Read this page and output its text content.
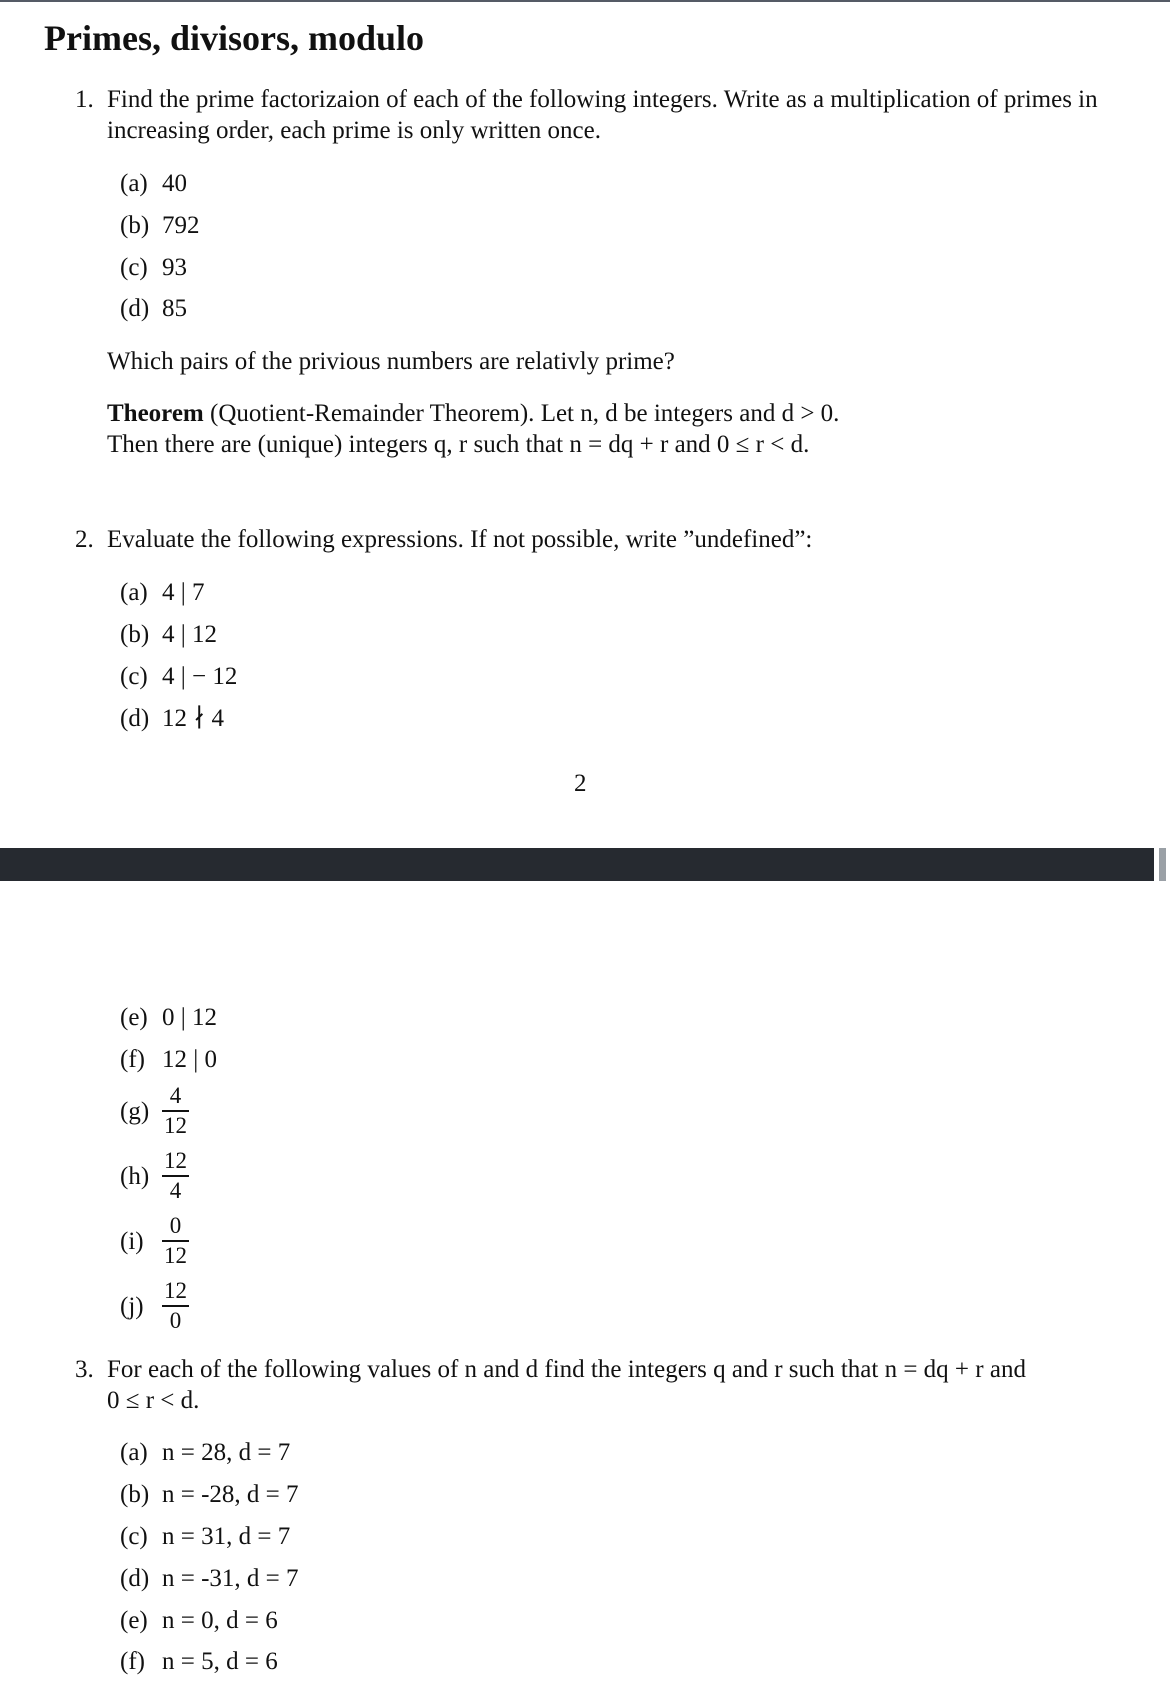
Primes, divisors, modulo
1. Find the prime factorizaion of each of the following integers. Write as a multiplication of primes in increasing order, each prime is only written once.
(a) 40
(b) 792
(c) 93
(d) 85
Which pairs of the privious numbers are relativly prime?
Theorem (Quotient-Remainder Theorem). Let n, d be integers and d > 0.
Then there are (unique) integers q, r such that n = dq + r and 0 ≤ r < d.
2. Evaluate the following expressions. If not possible, write ”undefined”:
(a) 4 | 7
(b) 4 | 12
(c) 4 | − 12
(d) 12 ∤ 4
2
(e) 0 | 12
(f) 12 | 0
$(g) \frac{4}{12}$
$(h) \frac{12}{4}$
$(i) \frac{0}{12}$
$(j) \frac{12}{0}$
3. For each of the following values of n and d find the integers q and r such that n = dq + r and
0 ≤ r < d.
(a) n = 28, d = 7
(b) n = -28, d = 7
(c) n = 31, d = 7
(d) n = -31, d = 7
(e) n = 0, d = 6
(f) n = 5, d = 6
